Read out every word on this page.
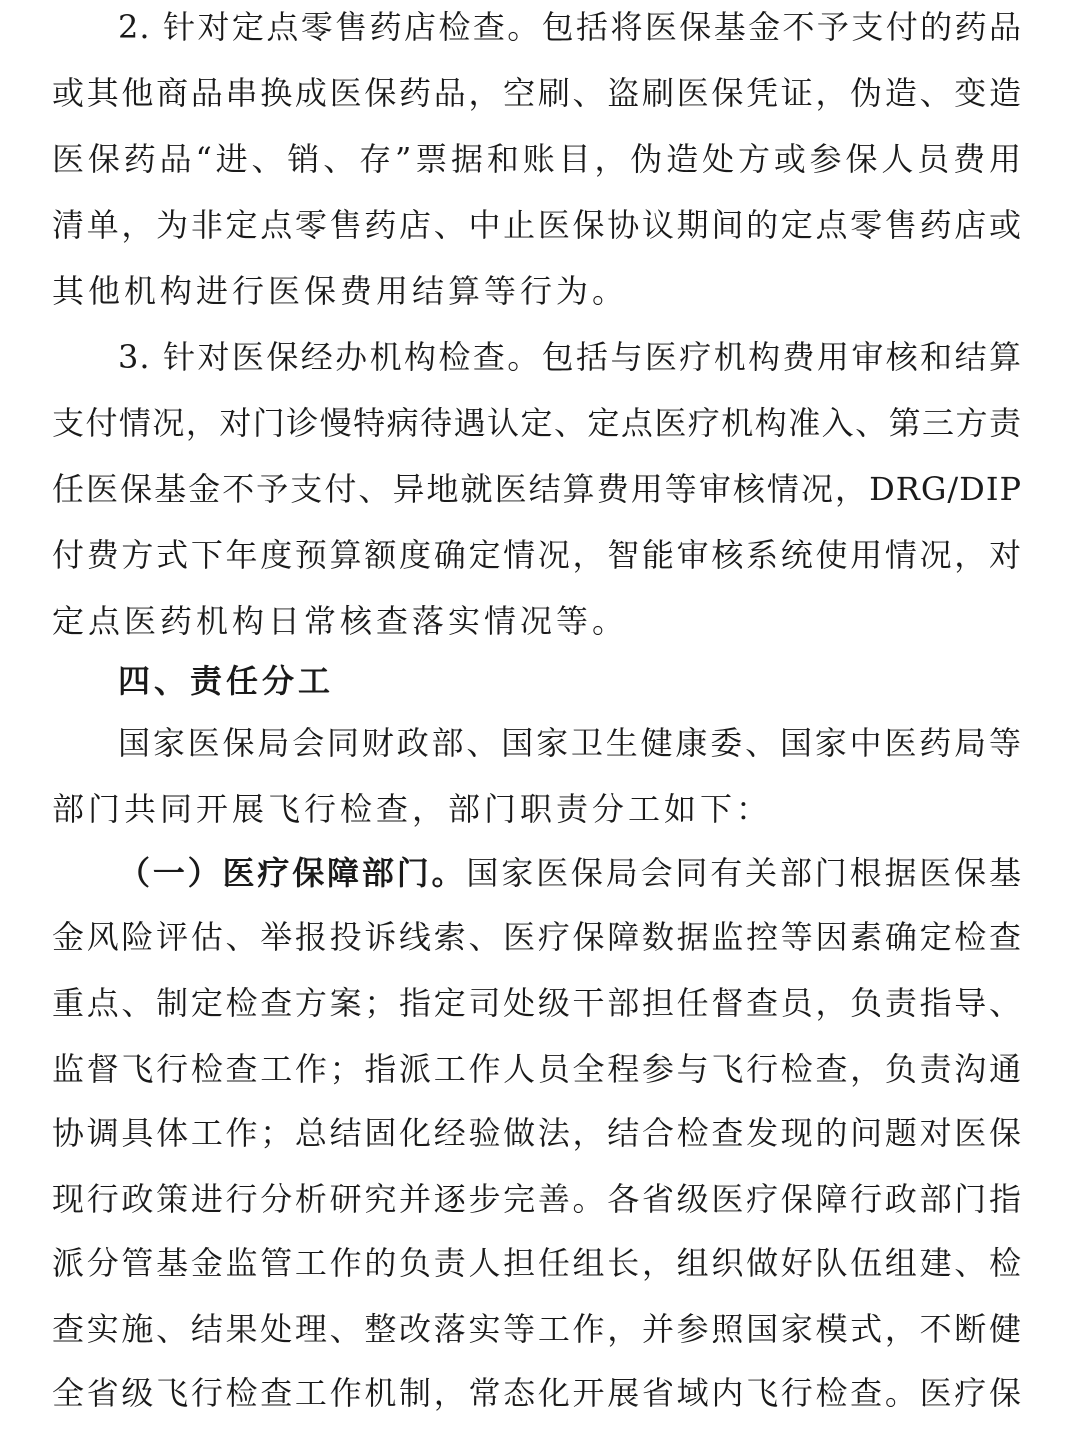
2. 针对定点零售药店检查。包括将医保基金不予支付的药品
或其他商品串换成医保药品，空刷、盗刷医保凭证，伪造、变造
医保药品“进、销、存”票据和账目，伪造处方或参保人员费用
清单，为非定点零售药店、中止医保协议期间的定点零售药店或
其他机构进行医保费用结算等行为。
3. 针对医保经办机构检查。包括与医疗机构费用审核和结算
支付情况，对门诊慢特病待遇认定、定点医疗机构准入、第三方责
任医保基金不予支付、异地就医结算费用等审核情况，DRG/DIP
付费方式下年度预算额度确定情况，智能审核系统使用情况，对
定点医药机构日常核查落实情况等。
四、责任分工
国家医保局会同财政部、国家卫生健康委、国家中医药局等
部门共同开展飞行检查，部门职责分工如下：
（一）医疗保障部门。国家医保局会同有关部门根据医保基
金风险评估、举报投诉线索、医疗保障数据监控等因素确定检查
重点、制定检查方案；指定司处级干部担任督查员，负责指导、
监督飞行检查工作；指派工作人员全程参与飞行检查，负责沟通
协调具体工作；总结固化经验做法，结合检查发现的问题对医保
现行政策进行分析研究并逐步完善。各省级医疗保障行政部门指
派分管基金监管工作的负责人担任组长，组织做好队伍组建、检
查实施、结果处理、整改落实等工作，并参照国家模式，不断健
全省级飞行检查工作机制，常态化开展省域内飞行检查。医疗保
